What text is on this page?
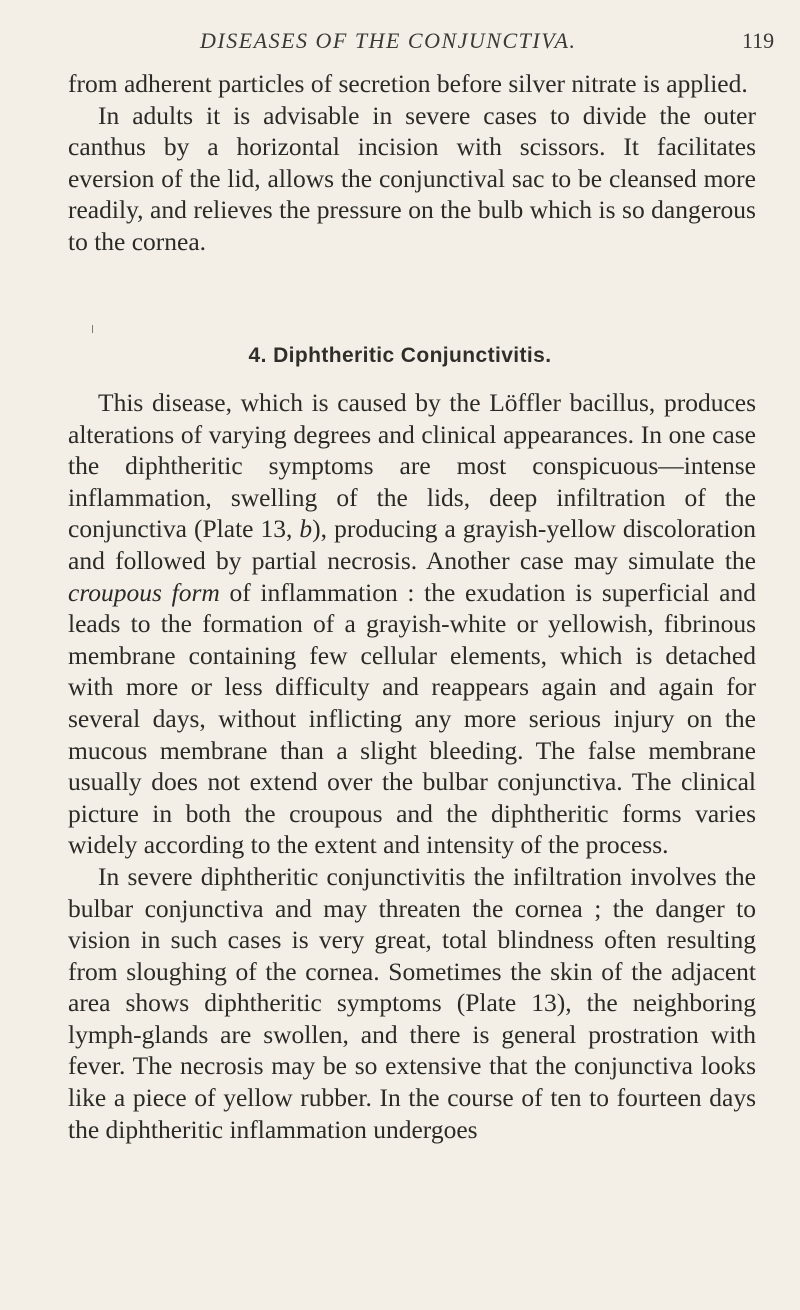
DISEASES OF THE CONJUNCTIVA.	119

from adherent particles of secretion before silver nitrate is applied.

In adults it is advisable in severe cases to divide the outer canthus by a horizontal incision with scissors. It facilitates eversion of the lid, allows the conjunctival sac to be cleansed more readily, and relieves the pressure on the bulb which is so dangerous to the cornea.

4. Diphtheritic Conjunctivitis.

This disease, which is caused by the Löffler bacillus, produces alterations of varying degrees and clinical appearances. In one case the diphtheritic symptoms are most conspicuous—intense inflammation, swelling of the lids, deep infiltration of the conjunctiva (Plate 13, b), producing a grayish-yellow discoloration and followed by partial necrosis. Another case may simulate the croupous form of inflammation : the exudation is superficial and leads to the formation of a grayish-white or yellowish, fibrinous membrane containing few cellular elements, which is detached with more or less difficulty and reappears again and again for several days, without inflicting any more serious injury on the mucous membrane than a slight bleeding. The false membrane usually does not extend over the bulbar conjunctiva. The clinical picture in both the croupous and the diphtheritic forms varies widely according to the extent and intensity of the process.

In severe diphtheritic conjunctivitis the infiltration involves the bulbar conjunctiva and may threaten the cornea ; the danger to vision in such cases is very great, total blindness often resulting from sloughing of the cornea. Sometimes the skin of the adjacent area shows diphtheritic symptoms (Plate 13), the neighboring lymph-glands are swollen, and there is general prostration with fever. The necrosis may be so extensive that the conjunctiva looks like a piece of yellow rubber. In the course of ten to fourteen days the diphtheritic inflammation undergoes
